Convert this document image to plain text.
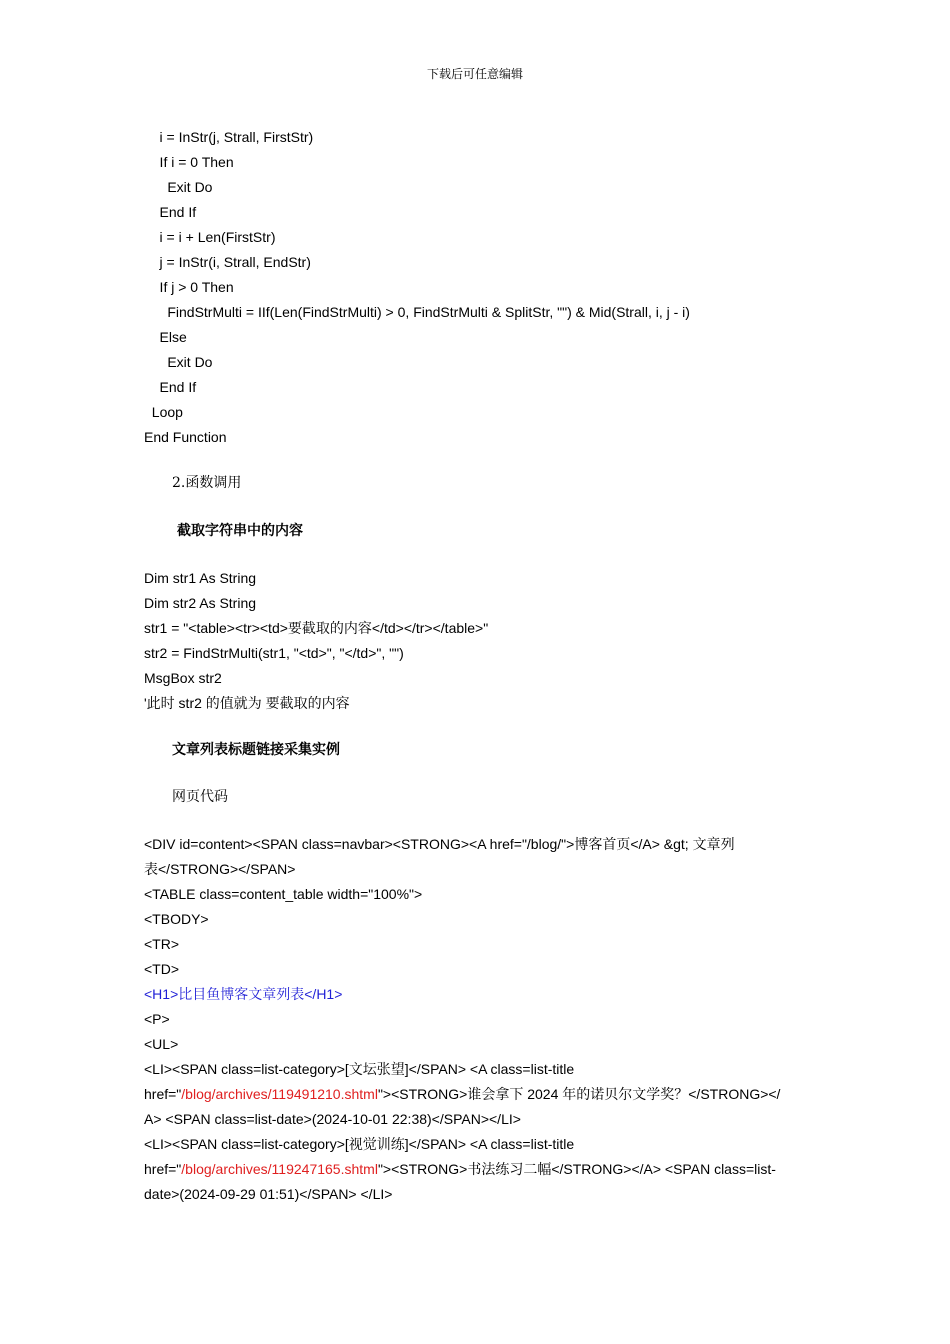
下载后可任意编辑
i = InStr(j, Strall, FirstStr)
If i = 0 Then
Exit Do
End If
i = i + Len(FirstStr)
j = InStr(i, Strall, EndStr)
If j > 0 Then
FindStrMulti = IIf(Len(FindStrMulti) > 0, FindStrMulti & SplitStr, "") & Mid(Strall, i, j - i)
Else
Exit Do
End If
Loop
End Function
2.函数调用
截取字符串中的内容
Dim str1 As String
Dim str2 As String
str1 = "<table><tr><td>要截取的内容</td></tr></table>"
str2 = FindStrMulti(str1, "<td>", "</td>", "")
MsgBox str2
'此时 str2 的值就为 要截取的内容
文章列表标题链接采集实例
网页代码
<DIV id=content><SPAN class=navbar><STRONG><A href="/blog/">博客首页</A> &gt; 文章列
表</STRONG></SPAN>
<TABLE class=content_table width="100%">
<TBODY>
<TR>
<TD>
<H1>比目鱼博客文章列表</H1>
<P>
<UL>
<LI><SPAN class=list-category>[文坛张望]</SPAN> <A class=list-title
href="/blog/archives/119491210.shtml"><STRONG>谁会拿下 2024 年的诺贝尔文学奖？</STRONG></
A> <SPAN class=list-date>(2024-10-01 22:38)</SPAN></LI>
<LI><SPAN class=list-category>[视觉训练]</SPAN> <A class=list-title
href="/blog/archives/119247165.shtml"><STRONG>书法练习二幅</STRONG></A> <SPAN class=list-
date>(2024-09-29 01:51)</SPAN> </LI>
